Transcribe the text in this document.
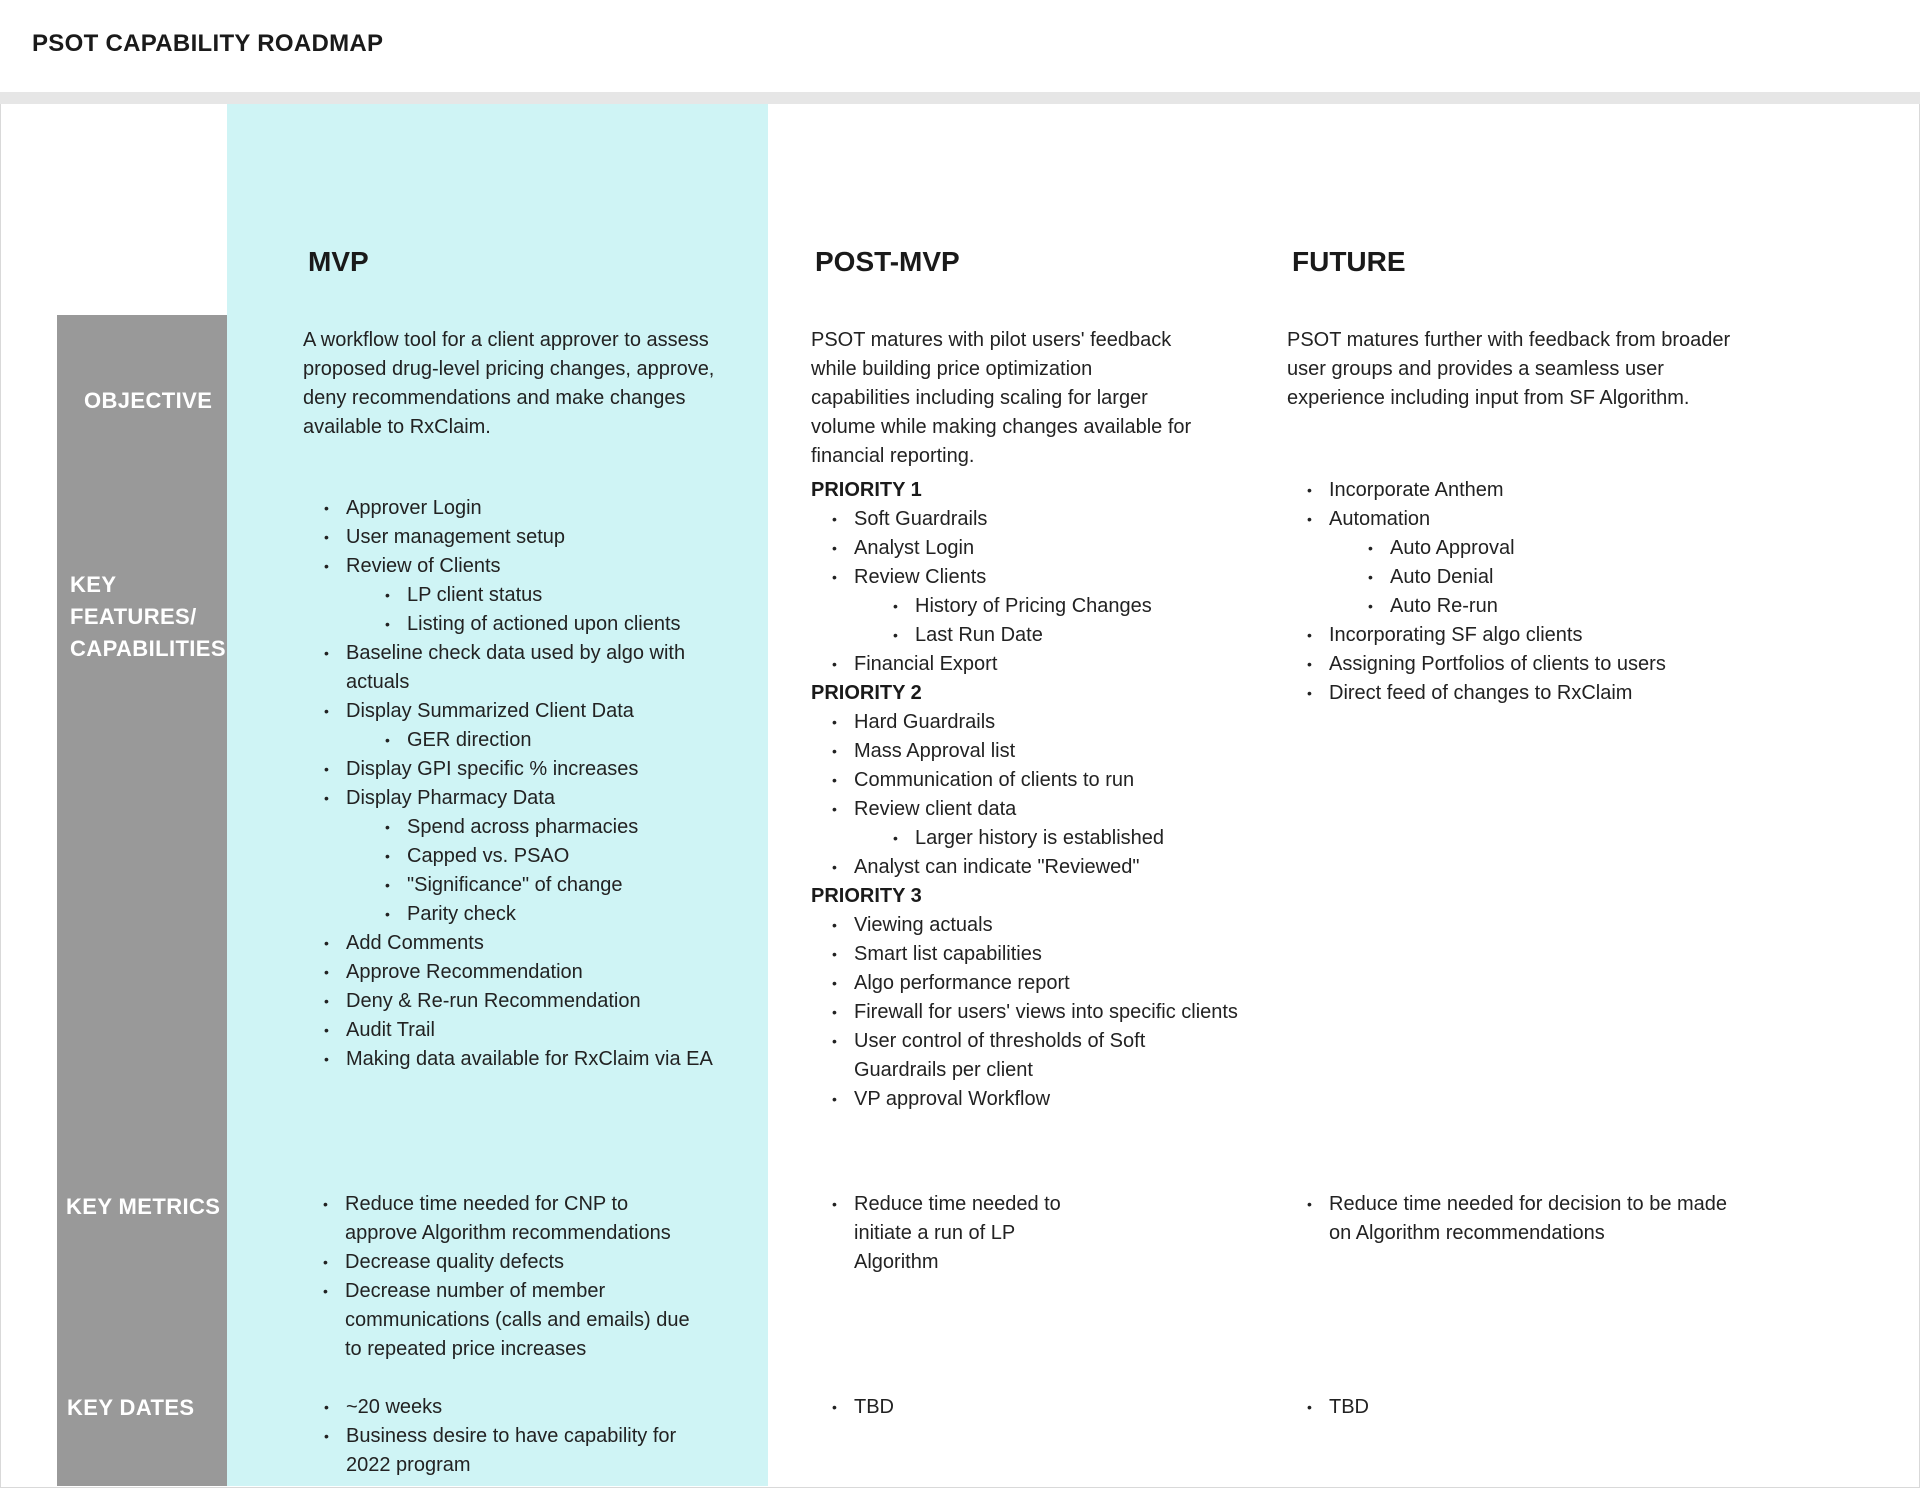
PSOT CAPABILITY ROADMAP
OBJECTIVE
KEY
FEATURES/
CAPABILITIES
KEY METRICS
KEY DATES
MVP	POST-MVP	FUTURE
A workflow tool for a client approver to assess
proposed drug-level pricing changes, approve,
deny recommendations and make changes
available to RxClaim.
PSOT matures with pilot users' feedback
while building price optimization
capabilities including scaling for larger
volume while making changes available for
financial reporting.
PSOT matures further with feedback from broader
user groups and provides a seamless user
experience including input from SF Algorithm.
• Approver Login
• User management setup
• Review of Clients
• LP client status
• Listing of actioned upon clients
• Baseline check data used by algo with
actuals
• Display Summarized Client Data
• GER direction
• Display GPI specific % increases
• Display Pharmacy Data
• Spend across pharmacies
• Capped vs. PSAO
• "Significance" of change
• Parity check
• Add Comments
• Approve Recommendation
• Deny & Re-run Recommendation
• Audit Trail
• Making data available for RxClaim via EA
PRIORITY 1
• Soft Guardrails
• Analyst Login
• Review Clients
• History of Pricing Changes
• Last Run Date
• Financial Export
PRIORITY 2
• Hard Guardrails
• Mass Approval list
• Communication of clients to run
• Review client data
• Larger history is established
• Analyst can indicate "Reviewed"
PRIORITY 3
• Viewing actuals
• Smart list capabilities
• Algo performance report
• Firewall for users' views into specific clients
• User control of thresholds of Soft
Guardrails per client
• VP approval Workflow
• Incorporate Anthem
• Automation
• Auto Approval
• Auto Denial
• Auto Re-run
• Incorporating SF algo clients
• Assigning Portfolios of clients to users
• Direct feed of changes to RxClaim
• Reduce time needed for CNP to
approve Algorithm recommendations
• Decrease quality defects
• Decrease number of member
communications (calls and emails) due
to repeated price increases
• Reduce time needed to
initiate a run of LP
Algorithm
• Reduce time needed for decision to be made
on Algorithm recommendations
• ~20 weeks
• Business desire to have capability for
2022 program
• TBD
•	TBD
